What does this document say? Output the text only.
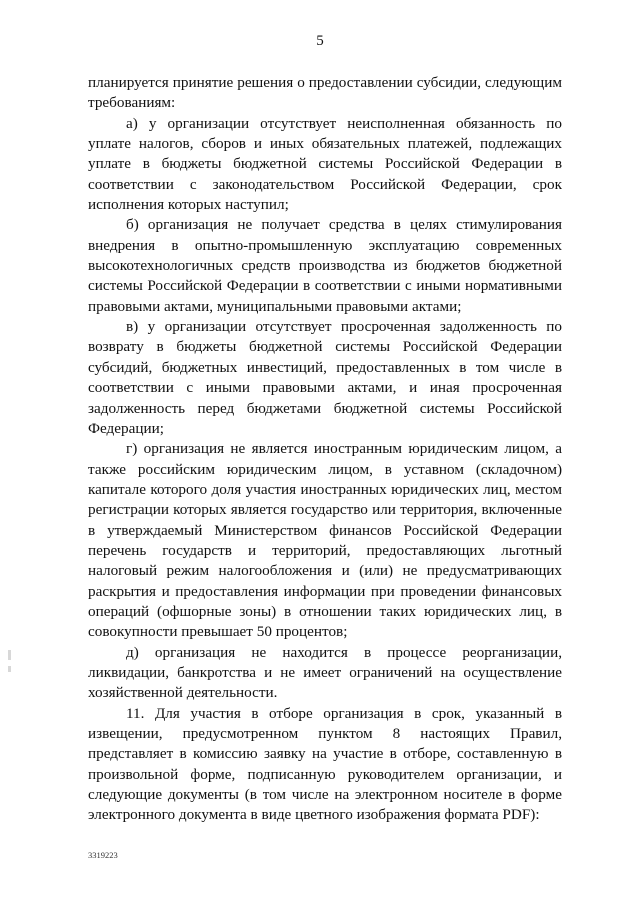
5

планируется принятие решения о предоставлении субсидии, следующим требованиям:

а) у организации отсутствует неисполненная обязанность по уплате налогов, сборов и иных обязательных платежей, подлежащих уплате в бюджеты бюджетной системы Российской Федерации в соответствии с законодательством Российской Федерации, срок исполнения которых наступил;

б) организация не получает средства в целях стимулирования внедрения в опытно-промышленную эксплуатацию современных высокотехнологичных средств производства из бюджетов бюджетной системы Российской Федерации в соответствии с иными нормативными правовыми актами, муниципальными правовыми актами;

в) у организации отсутствует просроченная задолженность по возврату в бюджеты бюджетной системы Российской Федерации субсидий, бюджетных инвестиций, предоставленных в том числе в соответствии с иными правовыми актами, и иная просроченная задолженность перед бюджетами бюджетной системы Российской Федерации;

г) организация не является иностранным юридическим лицом, а также российским юридическим лицом, в уставном (складочном) капитале которого доля участия иностранных юридических лиц, местом регистрации которых является государство или территория, включенные в утверждаемый Министерством финансов Российской Федерации перечень государств и территорий, предоставляющих льготный налоговый режим налогообложения и (или) не предусматривающих раскрытия и предоставления информации при проведении финансовых операций (офшорные зоны) в отношении таких юридических лиц, в совокупности превышает 50 процентов;

д) организация не находится в процессе реорганизации, ликвидации, банкротства и не имеет ограничений на осуществление хозяйственной деятельности.

11. Для участия в отборе организация в срок, указанный в извещении, предусмотренном пунктом 8 настоящих Правил, представляет в комиссию заявку на участие в отборе, составленную в произвольной форме, подписанную руководителем организации, и следующие документы (в том числе на электронном носителе в форме электронного документа в виде цветного изображения формата PDF):

3319223
